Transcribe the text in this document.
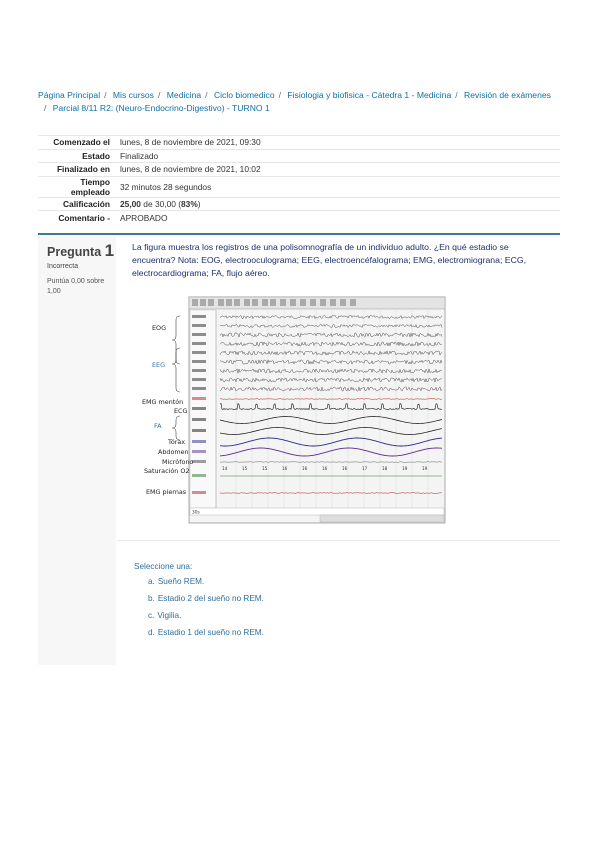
Página Principal / Mis cursos / Medicina / Ciclo biomedico / Fisiologia y biofisica - Cátedra 1 - Medicina / Revisión de exámenes
/ Parcial 8/11 R2: (Neuro-Endocrino-Digestivo) - TURNO 1
Comenzado el	lunes, 8 de noviembre de 2021, 09:30
Estado	Finalizado
Finalizado en	lunes, 8 de noviembre de 2021, 10:02
Tiempo empleado	32 minutos 28 segundos
Calificación	25,00 de 30,00 (83%)
Comentario -	APROBADO
Pregunta 1
Incorrecta
Puntúa 0,00 sobre 1,00
La figura muestra los registros de una polisomnografía de un individuo adulto. ¿En qué estadio se encuentra? Nota: EOG, electrooculograma; EEG, electroencéfalograma; EMG, electromiograna; ECG, electrocardiograma; FA, flujo aéreo.
14	15	15	16	16	16	16	17	18	19	19
30s
EOG
EEG
EMG mentón
ECG
FA
Tórax
Abdomen
Micrófono
Saturación O2
EMG piernas
Seleccione una:
a. Sueño REM.
b. Estadio 2 del sueño no REM.
c. Vigilia.
d. Estadio 1 del sueño no REM.
